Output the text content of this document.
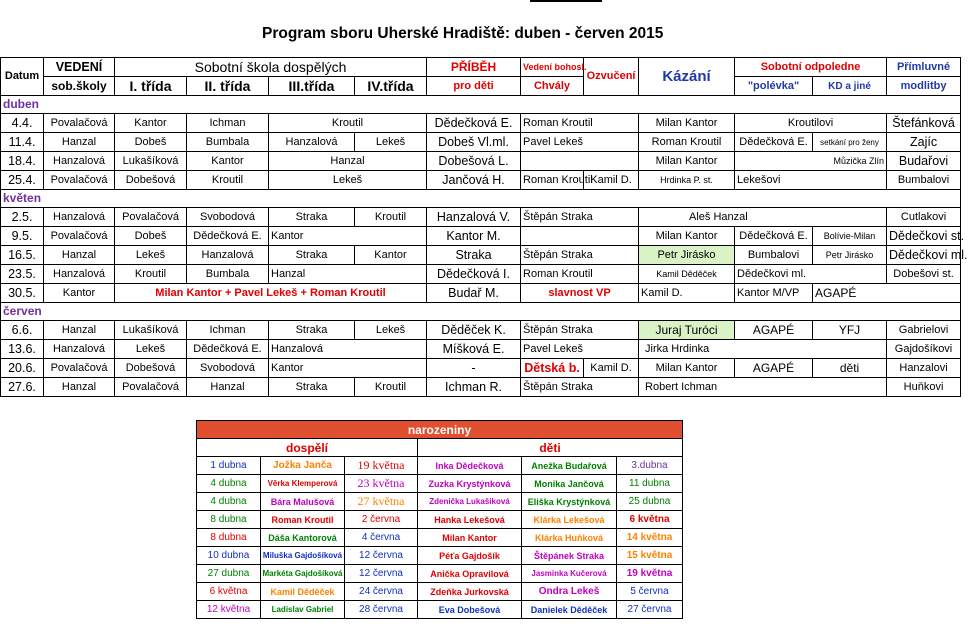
Program sboru Uherské Hradiště: duben - červen 2015
Datum	VEDENÍ	Sobotní škola dospělých				PŘÍBĚH	Vedení bohosl.	Ozvučení	Kázání	Sobotní odpoledne		Přímluvné	
	sob.školy	I. třída	II. třída	III.třída	IV.třída	pro děti	Chvály			"polévka"	KD a jiné	modlitby	
duben													
4.4.	Povalačová	Kantor	Ichman	Kroutil		Dědečková E.	Roman Kroutil		Milan Kantor	Kroutilovi		Štefánková	
11.4.	Hanzal	Dobeš	Bumbala	Hanzalová	Lekeš	Dobeš Vl.ml.	Pavel Lekeš		Roman Kroutil	Dědečková E.	setkání pro ženy	Zajíc	
18.4.	Hanzalová	Lukašíková	Kantor	Hanzal		Dobešová L.			Milan Kantor	Můzička Zlín		Budařovi	
25.4.	Povalačová	Dobešová	Kroutil	Lekeš		Jančová H.	Roman Kroutil	Kamil D.	Hrdinka P. st.	Lekešovi		Bumbalovi	
květen													
2.5.	Hanzalová	Povalačová	Svobodová	Straka	Kroutil	Hanzalová V.	Štěpán Straka		Aleš Hanzal			Cutlakovi	
9.5.	Povalačová	Dobeš	Dědečková E.	Kantor		Kantor M.			Milan Kantor	Dědečková E.	Bolívie-Milan	Dědečkovi st.	
16.5.	Hanzal	Lekeš	Hanzalová	Straka	Kantor	Straka	Štěpán Straka		Petr Jirásko	Bumbalovi	Petr Jirásko	Dědečkovi ml.	
23.5.	Hanzalová	Kroutil	Bumbala	Hanzal		Dědečková I.	Roman Kroutil		Kamil Děděček	Dědečkovi ml.		Dobešovi st.	
30.5.	Kantor	Milan Kantor + Pavel Lekeš + Roman Kroutil				Budař M.	slavnost VP		Kamil D.	Kantor M/VP	AGAPÉ	
červen													
6.6.	Hanzal	Lukašíková	Ichman	Straka	Lekeš	Děděček K.	Štěpán Straka		Juraj Turóci	AGAPÉ	YFJ	Gabrielovi	
13.6.	Hanzalová	Lekeš	Dědečková E.	Hanzalová		Míšková E.	Pavel Lekeš		Jirka Hrdinka			Gajdošíkovi	
20.6.	Povalačová	Dobešová	Svobodová	Kantor		-	Dětská b.	Kamil D.	Milan Kantor	AGAPÉ	děti	Hanzalovi	
27.6.	Hanzal	Povalačová	Hanzal	Straka	Kroutil	Ichman R.	Štěpán Straka		Robert Ichman			Huňkovi	
narozeniny					
dospělí			děti		
1 dubna	Jožka Janča	19 května	Inka Dědečková	Anežka Budařová	3.dubna
4 dubna	Věrka Klemperová	23 května	Zuzka Krystýnková	Monika Jančová	11 dubna
4 dubna	Bára Malušová	27 května	Zdenička Lukašíková	Eliška Krystýnková	25 dubna
8 dubna	Roman Kroutil	2 června	Hanka Lekešová	Klárka Lekešová	6 května
8 dubna	Dáša Kantorová	4 června	Milan Kantor	Klárka Huňková	14 května
10 dubna	Miluška Gajdošíková	12 června	Péťa Gajdošík	Štěpánek Straka	15 května
27 dubna	Markéta Gajdošíková	12 června	Anička Opravilová	Jasminka Kučerová	19 května
6 května	Kamil Děděček	24 června	Zdeňka Jurkovská	Ondra Lekeš	5 června
12 května	Ladislav Gabriel	28 června	Eva Dobešová	Danielek Děděček	27 června
